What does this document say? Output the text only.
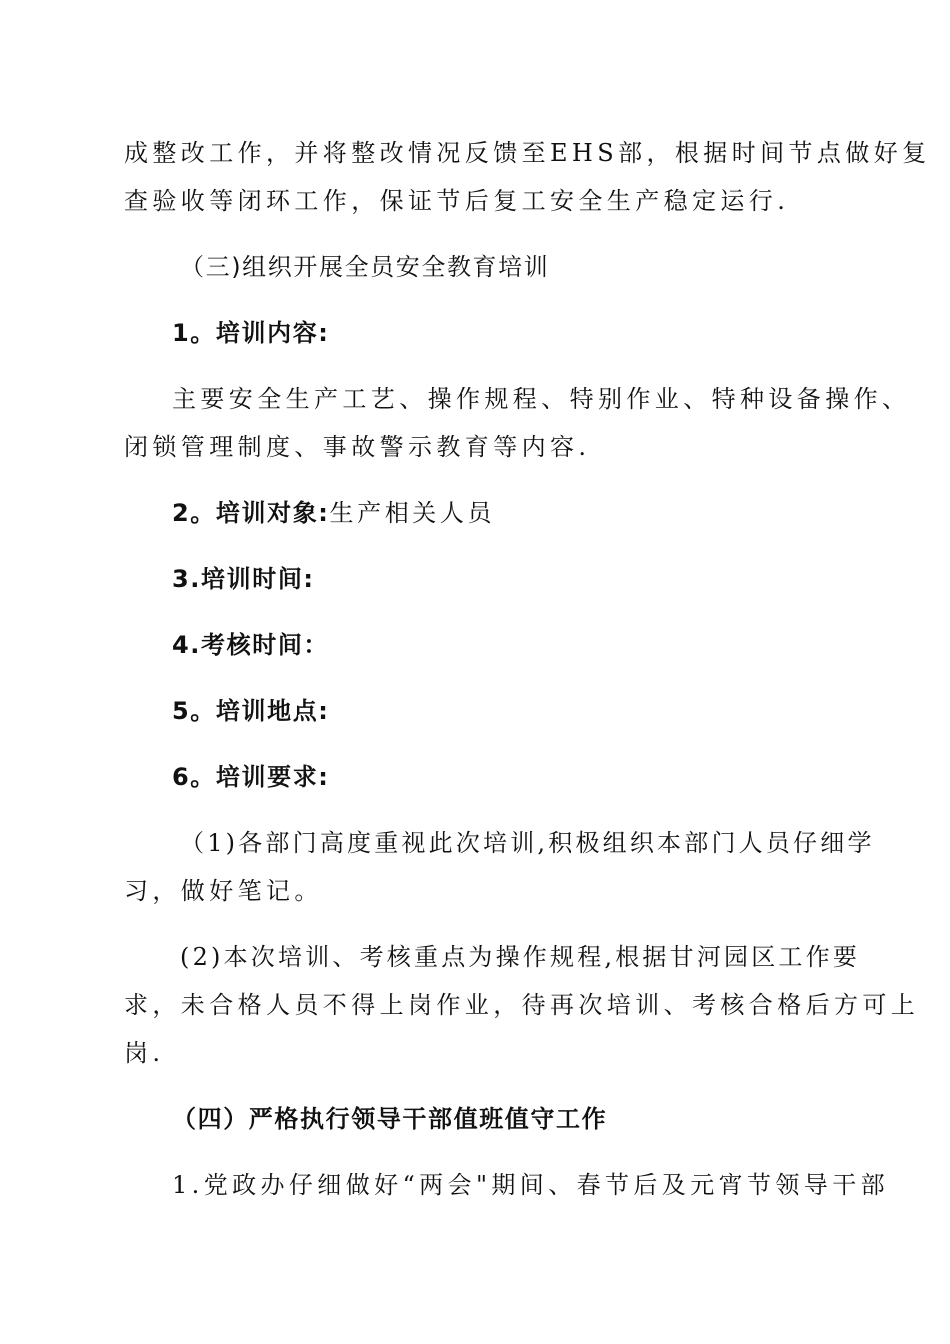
成整改工作，并将整改情况反馈至EHS部，根据时间节点做好复
查验收等闭环工作，保证节后复工安全生产稳定运行.
（三)组织开展全员安全教育培训
1。培训内容:
主要安全生产工艺、操作规程、特别作业、特种设备操作、
闭锁管理制度、事故警示教育等内容.
2。培训对象:生产相关人员
3.培训时间:
4.考核时间：
5。培训地点:
6。培训要求:
（1)各部门高度重视此次培训,积极组织本部门人员仔细学
习，做好笔记。
(2)本次培训、考核重点为操作规程,根据甘河园区工作要
求，未合格人员不得上岗作业，待再次培训、考核合格后方可上
岗.
（四）严格执行领导干部值班值守工作
1.党政办仔细做好“两会"期间、春节后及元宵节领导干部
